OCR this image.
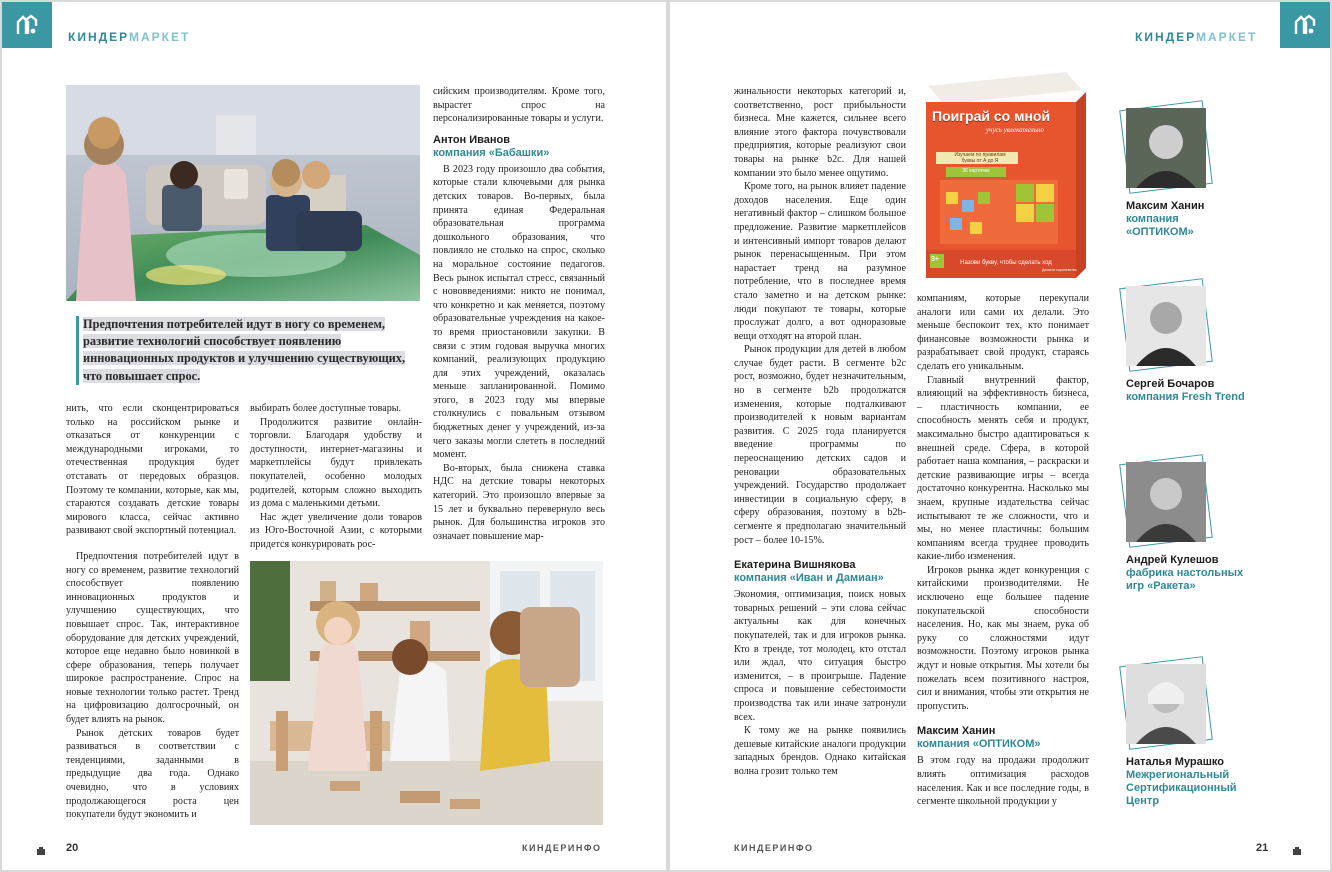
КИНДЕРМАРКЕТ
Предпочтения потребителей идут в ногу со временем, развитие технологий способствует появлению инновационных продуктов и улучшению существующих, что повышает спрос.

нить, что если сконцентрироваться только на российском рынке и отказаться от конкуренции с международными игроками, то отечественная продукция будет отставать от передовых образцов. Поэтому те компании, которые, как мы, стараются создавать детские товары мирового класса, сейчас активно развивают свой экспортный потенциал.

Предпочтения потребителей идут в ногу со временем, развитие технологий способствует появлению инновационных продуктов и улучшению существующих, что повышает спрос. Так, интерактивное оборудование для детских учреждений, которое еще недавно было новинкой в сфере образования, теперь получает широкое распространение. Спрос на новые технологии только растет. Тренд на цифровизацию долгосрочный, он будет влиять на рынок.

Рынок детских товаров будет развиваться в соответствии с тенденциями, заданными в предыдущие два года. Однако очевидно, что в условиях продолжающегося роста цен покупатели будут экономить и

выбирать более доступные товары.

Продолжится развитие онлайн-торговли. Благодаря удобству и доступности, интернет-магазины и маркетплейсы будут привлекать покупателей, особенно молодых родителей, которым сложно выходить из дома с маленькими детьми.

Нас ждет увеличение доли товаров из Юго-Восточной Азии, с которыми придется конкурировать рос-

сийским производителям. Кроме того, вырастет спрос на персонализированные товары и услуги.

Антон Иванов
компания «Бабашки»

В 2023 году произошло два события, которые стали ключевыми для рынка детских товаров. Во-первых, была принята единая Федеральная образовательная программа дошкольного образования, что повлияло не столько на спрос, сколько на моральное состояние педагогов. Весь рынок испытал стресс, связанный с нововведениями: никто не понимал, что конкретно и как меняется, поэтому образовательные учреждения на какое-то время приостановили закупки. В связи с этим годовая выручка многих компаний, реализующих продукцию для этих учреждений, оказалась меньше запланированной. Помимо этого, в 2023 году мы впервые столкнулись с повальным отзывом бюджетных денег у учреждений, из-за чего заказы могли слететь в последний момент.

Во-вторых, была снижена ставка НДС на детские товары некоторых категорий. Это произошло впервые за 15 лет и буквально перевернуло весь рынок. Для большинства игроков это означает повышение мар-

20	КИНДЕРИНФО
КИНДЕРМАРКЕТ
Поиграй со мной
учусь увлекательно
Изучаем по правилам
буквы от А до Я
36 карточек
Назови букву, чтобы сделать ход
3+
Десятое королевство

жинальности некоторых категорий и, соответственно, рост прибыльности бизнеса. Мне кажется, сильнее всего влияние этого фактора почувствовали предприятия, которые реализуют свои товары на рынке b2c. Для нашей компании это было менее ощутимо.

Кроме того, на рынок влияет падение доходов населения. Еще один негативный фактор – слишком большое предложение. Развитие маркетплейсов и интенсивный импорт товаров делают рынок перенасыщенным. При этом нарастает тренд на разумное потребление, что в последнее время стало заметно и на детском рынке: люди покупают те товары, которые прослужат долго, а вот одноразовые вещи отходят на второй план.

Рынок продукции для детей в любом случае будет расти. В сегменте b2c рост, возможно, будет незначительным, но в сегменте b2b продолжатся изменения, которые подталкивают производителей к новым вариантам развития. С 2025 года планируется введение программы по переоснащению детских садов и реновации образовательных учреждений. Государство продолжает инвестиции в социальную сферу, в сферу образования, поэтому в b2b-сегменте я предполагаю значительный рост – более 10-15%.

Екатерина Вишнякова
компания «Иван и Дамиан»

Экономия, оптимизация, поиск новых товарных решений – эти слова сейчас актуальны как для конечных покупателей, так и для игроков рынка. Кто в тренде, тот молодец, кто отстал или ждал, что ситуация быстро изменится, – в проигрыше. Падение спроса и повышение себестоимости производства так или иначе затронули всех.

К тому же на рынке появились дешевые китайские аналоги продукции западных брендов. Однако китайская волна грозит только тем

компаниям, которые перекупали аналоги или сами их делали. Это меньше беспокоит тех, кто понимает финансовые возможности рынка и разрабатывает свой продукт, стараясь сделать его уникальным.

Главный внутренний фактор, влияющий на эффективность бизнеса, – пластичность компании, ее способность менять себя и продукт, максимально быстро адаптироваться к внешней среде. Сфера, в которой работает наша компания, – раскраски и детские развивающие игры – всегда достаточно конкурентна. Насколько мы знаем, крупные издательства сейчас испытывают те же сложности, что и мы, но менее пластичны: большим компаниям всегда труднее проводить какие-либо изменения.

Игроков рынка ждет конкуренция с китайскими производителями. Не исключено еще большее падение покупательской способности населения. Но, как мы знаем, рука об руку со сложностями идут возможности. Поэтому игроков рынка ждут и новые открытия. Мы хотели бы пожелать всем позитивного настроя, сил и внимания, чтобы эти открытия не пропустить.

Максим Ханин
компания «ОПТИКОМ»

В этом году на продажи продолжит влиять оптимизация расходов населения. Как и все последние годы, в сегменте школьной продукции у

Максим Ханин
компания «ОПТИКОМ»
Сергей Бочаров
компания Fresh Trend
Андрей Кулешов
фабрика настольных игр «Ракета»
Наталья Мурашко
Межрегиональный Сертификационный Центр
КИНДЕРИНФО	21
